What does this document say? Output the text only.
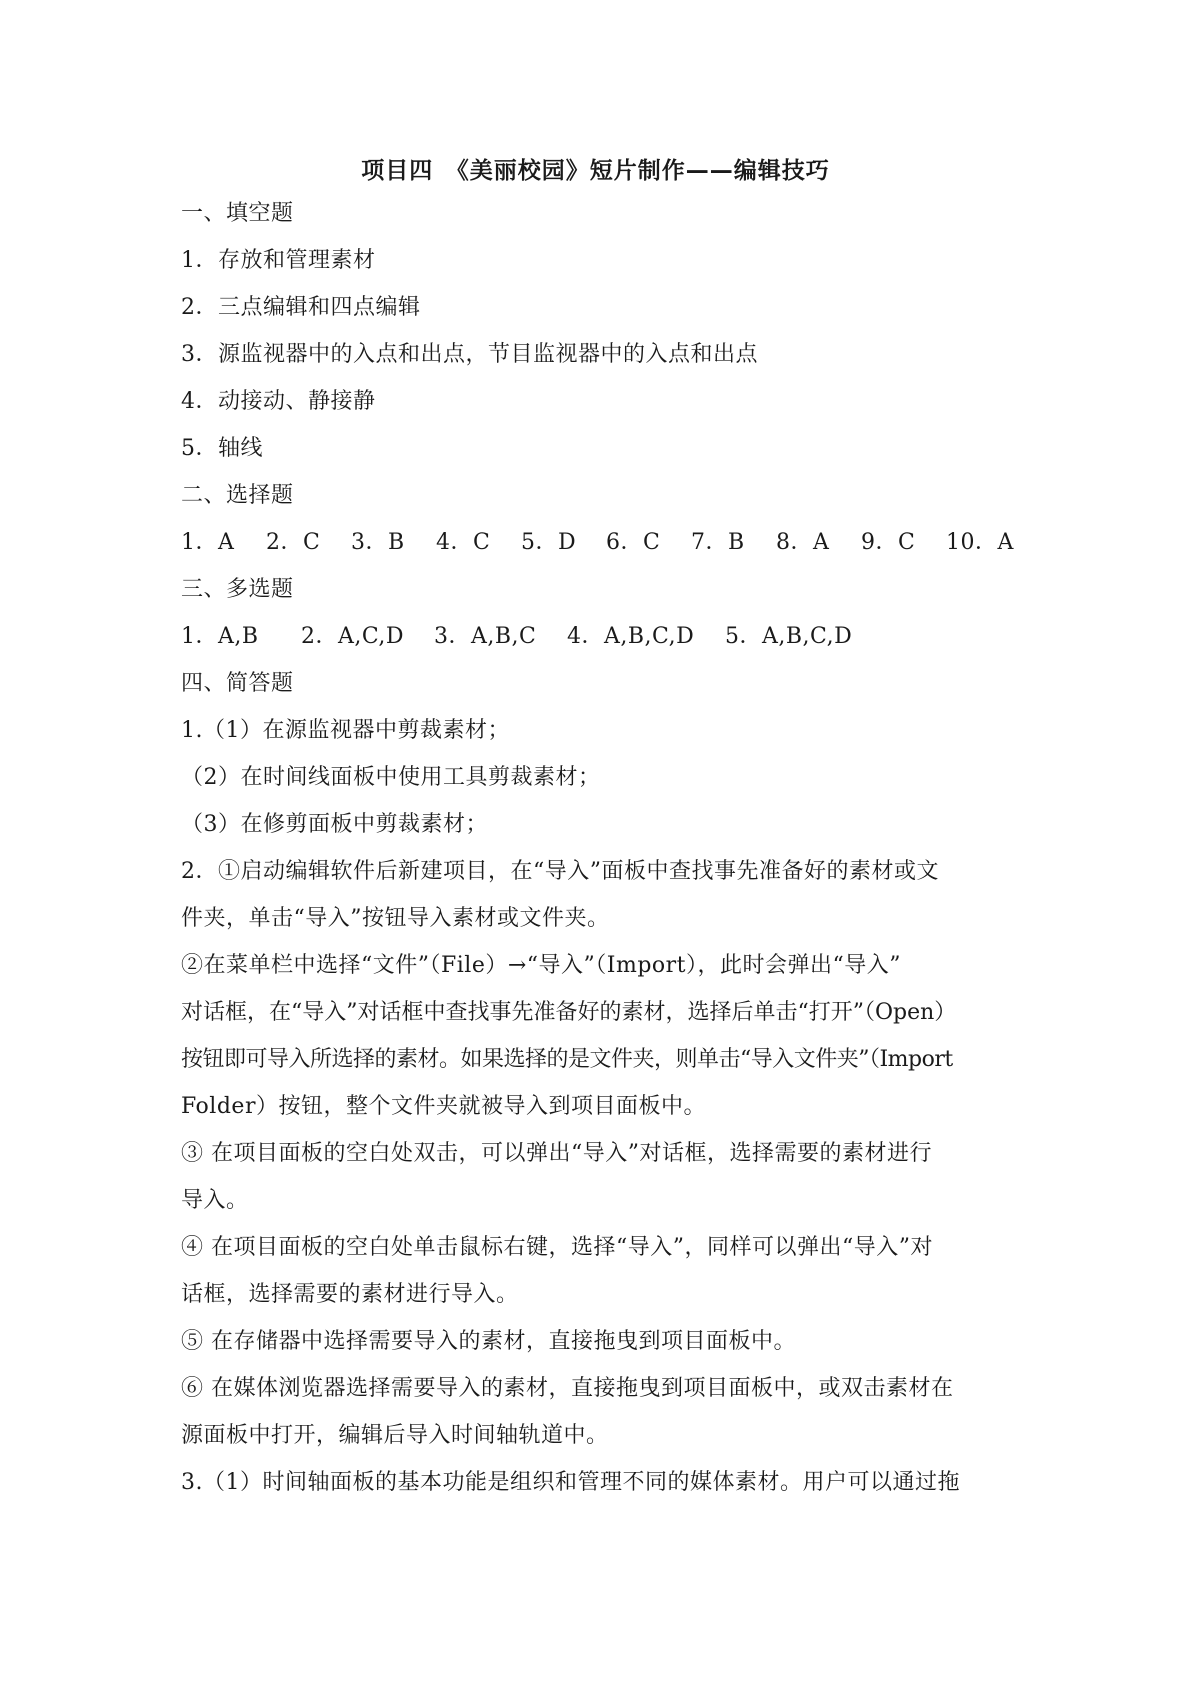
项目四　《美丽校园》短片制作——编辑技巧
一、填空题
1．存放和管理素材
2．三点编辑和四点编辑
3．源监视器中的入点和出点，节目监视器中的入点和出点
4．动接动、静接静
5．轴线
二、选择题
1．A 2．C 3．B 4．C 5．D 6．C 7．B 8．A 9．C 10．A
三、多选题
1．A,B 2．A,C,D 3．A,B,C 4．A,B,C,D 5．A,B,C,D
四、简答题
1.（1）在源监视器中剪裁素材；
（2）在时间线面板中使用工具剪裁素材；
（3）在修剪面板中剪裁素材；
2．①启动编辑软件后新建项目，在“导入”面板中查找事先准备好的素材或文
件夹，单击“导入”按钮导入素材或文件夹。
②在菜单栏中选择“文件”（File）→“导入”（Import），此时会弹出“导入”
对话框，在“导入”对话框中查找事先准备好的素材，选择后单击“打开”（Open）
按钮即可导入所选择的素材。如果选择的是文件夹，则单击“导入文件夹”（Import
Folder）按钮，整个文件夹就被导入到项目面板中。
③ 在项目面板的空白处双击，可以弹出“导入”对话框，选择需要的素材进行
导入。
④ 在项目面板的空白处单击鼠标右键，选择“导入”，同样可以弹出“导入”对
话框，选择需要的素材进行导入。
⑤ 在存储器中选择需要导入的素材，直接拖曳到项目面板中。
⑥ 在媒体浏览器选择需要导入的素材，直接拖曳到项目面板中，或双击素材在
源面板中打开，编辑后导入时间轴轨道中。
3.（1）时间轴面板的基本功能是组织和管理不同的媒体素材。用户可以通过拖
